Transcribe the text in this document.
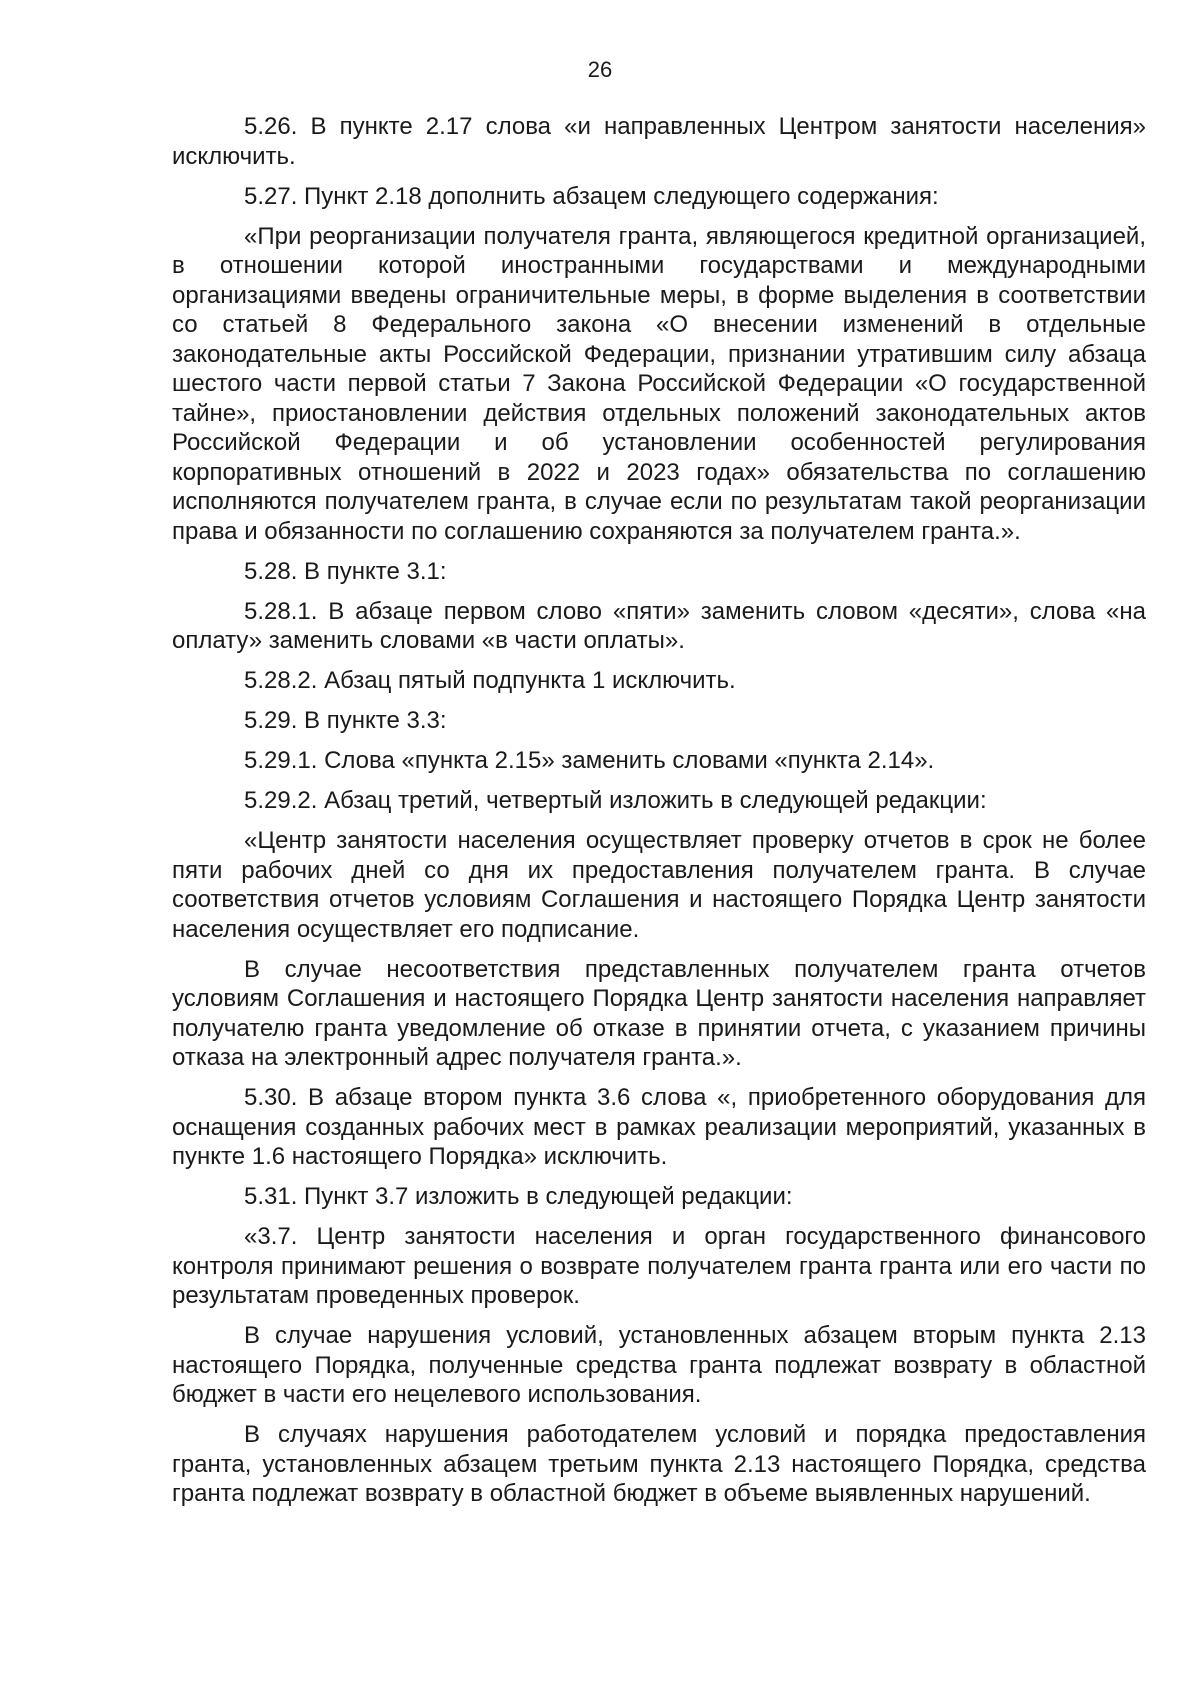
26

5.26. В пункте 2.17 слова «и направленных Центром занятости населения» исключить.

5.27. Пункт 2.18 дополнить абзацем следующего содержания:

«При реорганизации получателя гранта, являющегося кредитной организацией, в отношении которой иностранными государствами и международными организациями введены ограничительные меры, в форме выделения в соответствии со статьей 8 Федерального закона «О внесении изменений в отдельные законодательные акты Российской Федерации, признании утратившим силу абзаца шестого части первой статьи 7 Закона Российской Федерации «О государственной тайне», приостановлении действия отдельных положений законодательных актов Российской Федерации и об установлении особенностей регулирования корпоративных отношений в 2022 и 2023 годах» обязательства по соглашению исполняются получателем гранта, в случае если по результатам такой реорганизации права и обязанности по соглашению сохраняются за получателем гранта.».

5.28. В пункте 3.1:

5.28.1. В абзаце первом слово «пяти» заменить словом «десяти», слова «на оплату» заменить словами «в части оплаты».

5.28.2. Абзац пятый подпункта 1 исключить.

5.29. В пункте 3.3:

5.29.1. Слова «пункта 2.15» заменить словами «пункта 2.14».

5.29.2. Абзац третий, четвертый изложить в следующей редакции:

«Центр занятости населения осуществляет проверку отчетов в срок не более пяти рабочих дней со дня их предоставления получателем гранта. В случае соответствия отчетов условиям Соглашения и настоящего Порядка Центр занятости населения осуществляет его подписание.

В случае несоответствия представленных получателем гранта отчетов условиям Соглашения и настоящего Порядка Центр занятости населения направляет получателю гранта уведомление об отказе в принятии отчета, с указанием причины отказа на электронный адрес получателя гранта.».

5.30. В абзаце втором пункта 3.6 слова «, приобретенного оборудования для оснащения созданных рабочих мест в рамках реализации мероприятий, указанных в пункте 1.6 настоящего Порядка» исключить.

5.31. Пункт 3.7 изложить в следующей редакции:

«3.7. Центр занятости населения и орган государственного финансового контроля принимают решения о возврате получателем гранта гранта или его части по результатам проведенных проверок.

В случае нарушения условий, установленных абзацем вторым пункта 2.13 настоящего Порядка, полученные средства гранта подлежат возврату в областной бюджет в части его нецелевого использования.

В случаях нарушения работодателем условий и порядка предоставления гранта, установленных абзацем третьим пункта 2.13 настоящего Порядка, средства гранта подлежат возврату в областной бюджет в объеме выявленных нарушений.
